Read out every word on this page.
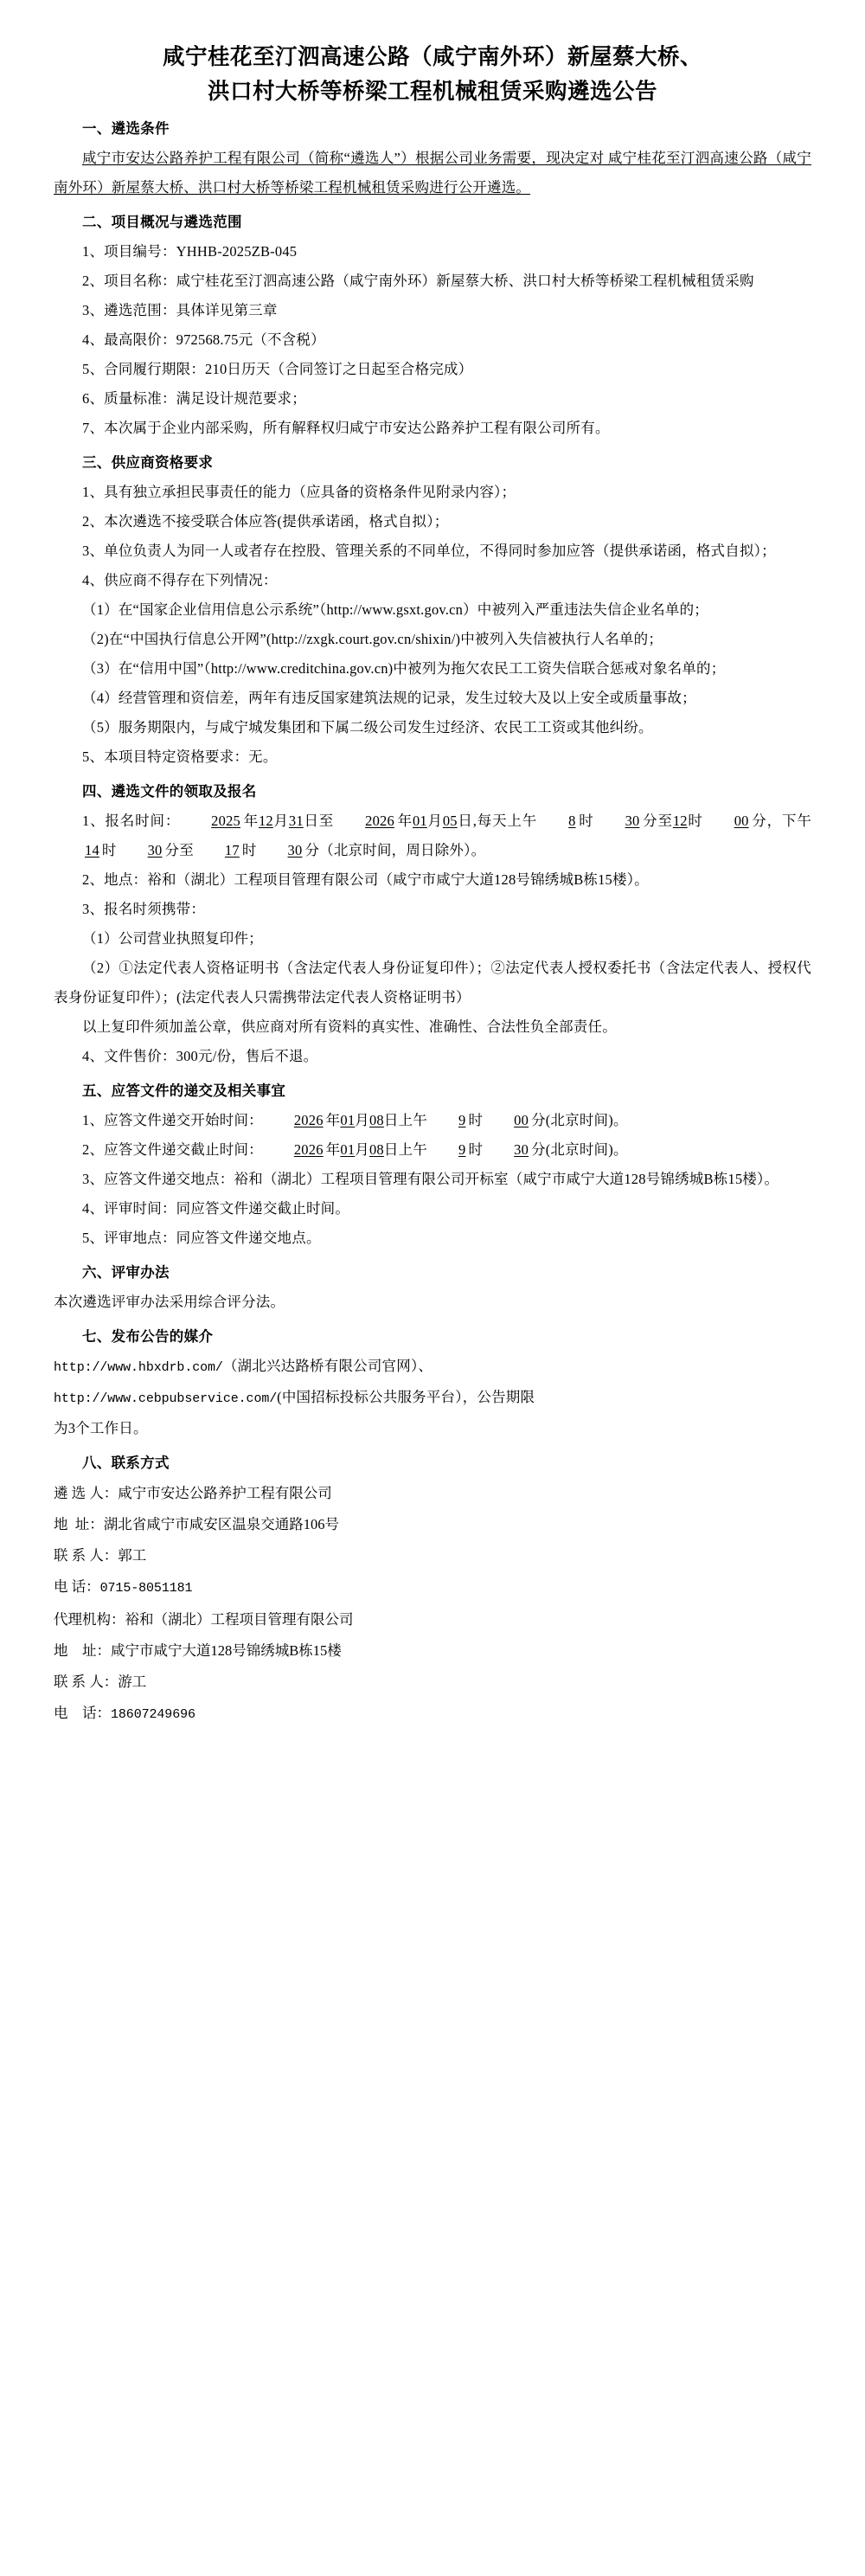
咸宁桂花至汀泗高速公路（咸宁南外环）新屋蔡大桥、
洪口村大桥等桥梁工程机械租赁采购遴选公告
一、遴选条件

咸宁市安达公路养护工程有限公司（简称“遴选人”）根据公司业务需要，现决定对 咸宁桂花至汀泗高速公路（咸宁南外环）新屋蔡大桥、洪口村大桥等桥梁工程机械租赁采购进行公开遴选。

二、项目概况与遴选范围

1、项目编号：YHHB-2025ZB-045

2、项目名称：咸宁桂花至汀泗高速公路（咸宁南外环）新屋蔡大桥、洪口村大桥等桥梁工程机械租赁采购

3、遴选范围：具体详见第三章

4、最高限价：972568.75元（不含税）

5、合同履行期限：210日历天（合同签订之日起至合格完成）

6、质量标准：满足设计规范要求；

7、本次属于企业内部采购，所有解释权归咸宁市安达公路养护工程有限公司所有。

三、供应商资格要求

1、具有独立承担民事责任的能力（应具备的资格条件见附录内容）；

2、本次遴选不接受联合体应答(提供承诺函，格式自拟）；

3、单位负责人为同一人或者存在控股、管理关系的不同单位，不得同时参加应答（提供承诺函，格式自拟）；

4、供应商不得存在下列情况：

（1）在“国家企业信用信息公示系统”（http://www.gsxt.gov.cn）中被列入严重违法失信企业名单的；

（2)在“中国执行信息公开网”(http://zxgk.court.gov.cn/shixin/)中被列入失信被执行人名单的；

（3）在“信用中国”（http://www.creditchina.gov.cn)中被列为拖欠农民工工资失信联合惩戒对象名单的；

（4）经营管理和资信差，两年有违反国家建筑法规的记录，发生过较大及以上安全或质量事故；

（5）服务期限内，与咸宁城发集团和下属二级公司发生过经济、农民工工资或其他纠纷。

5、本项目特定资格要求：无。

四、遴选文件的领取及报名

1、报名时间： 2025 年12月31日至 2026 年01月05日,每天上午 8 时 30 分至12时 00 分，下午14 时 30 分至 17 时 30 分（北京时间，周日除外）。

2、地点：裕和（湖北）工程项目管理有限公司（咸宁市咸宁大道128号锦绣城B栋15楼）。

3、报名时须携带：

（1）公司营业执照复印件；

（2）①法定代表人资格证明书（含法定代表人身份证复印件）；②法定代表人授权委托书（含法定代表人、授权代表身份证复印件）；(法定代表人只需携带法定代表人资格证明书）

以上复印件须加盖公章，供应商对所有资料的真实性、准确性、合法性负全部责任。

4、文件售价：300元/份，售后不退。

五、应答文件的递交及相关事宜

1、应答文件递交开始时间： 2026 年01月08日上午 9 时 00 分(北京时间)。

2、应答文件递交截止时间： 2026 年01月08日上午 9 时 30 分(北京时间)。

3、应答文件递交地点：裕和（湖北）工程项目管理有限公司开标室（咸宁市咸宁大道128号锦绣城B栋15楼）。

4、评审时间：同应答文件递交截止时间。

5、评审地点：同应答文件递交地点。

六、评审办法

本次遴选评审办法采用综合评分法。

七、发布公告的媒介

http://www.hbxdrb.com/（湖北兴达路桥有限公司官网）、

http://www.cebpubservice.com/(中国招标投标公共服务平台），公告期限

为3个工作日。

八、联系方式

遴 选 人：咸宁市安达公路养护工程有限公司

地  址：湖北省咸宁市咸安区温泉交通路106号

联 系 人：郭工

电 话：0715-8051181

代理机构：裕和（湖北）工程项目管理有限公司

地    址：咸宁市咸宁大道128号锦绣城B栋15楼

联 系 人：游工

电    话：18607249696
